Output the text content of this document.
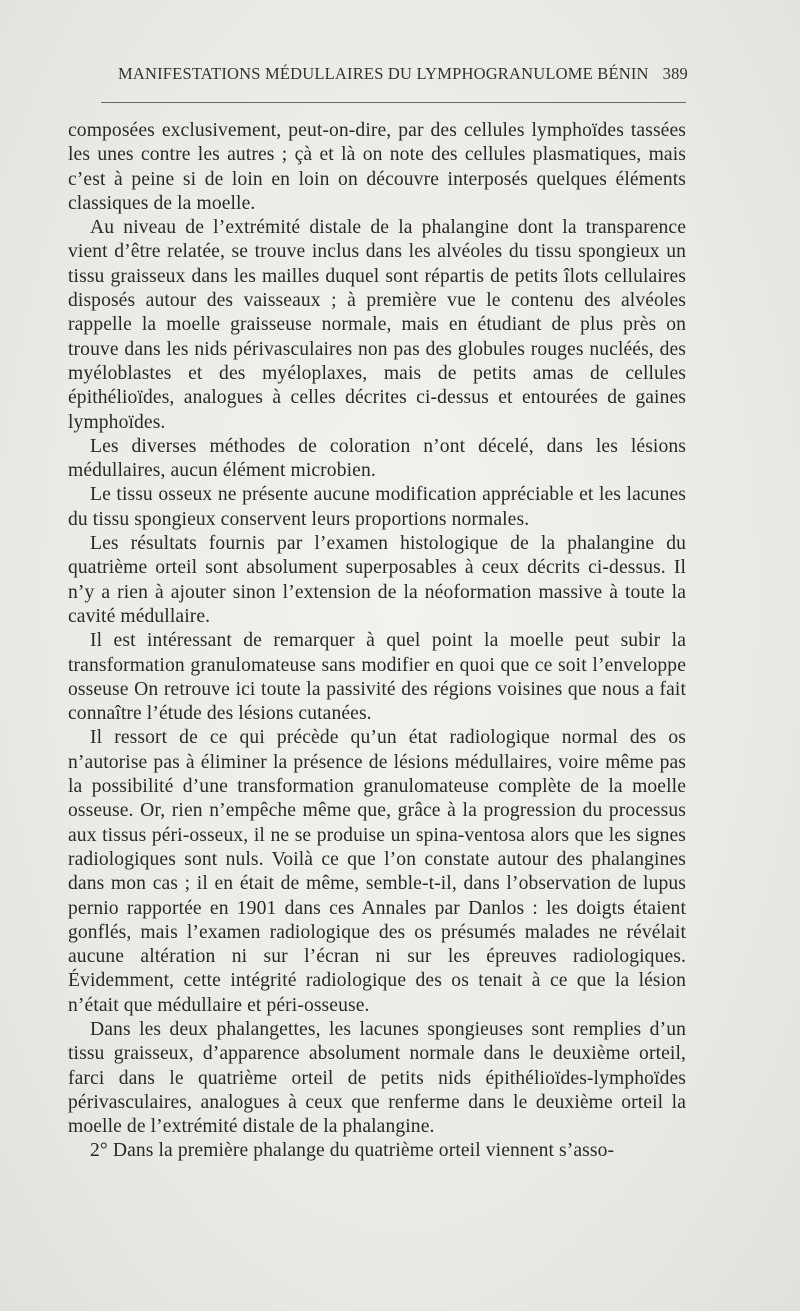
MANIFESTATIONS MÉDULLAIRES DU LYMPHOGRANULOME BÉNIN 389

composées exclusivement, peut-on-dire, par des cellules lymphoïdes tassées les unes contre les autres ; çà et là on note des cellules plasmatiques, mais c’est à peine si de loin en loin on découvre interposés quelques éléments classiques de la moelle.

Au niveau de l’extrémité distale de la phalangine dont la transparence vient d’être relatée, se trouve inclus dans les alvéoles du tissu spongieux un tissu graisseux dans les mailles duquel sont répartis de petits îlots cellulaires disposés autour des vaisseaux ; à première vue le contenu des alvéoles rappelle la moelle graisseuse normale, mais en étudiant de plus près on trouve dans les nids périvasculaires non pas des globules rouges nucléés, des myéloblastes et des myéloplaxes, mais de petits amas de cellules épithélioïdes, analogues à celles décrites ci-dessus et entourées de gaines lymphoïdes.

Les diverses méthodes de coloration n’ont décelé, dans les lésions médullaires, aucun élément microbien.

Le tissu osseux ne présente aucune modification appréciable et les lacunes du tissu spongieux conservent leurs proportions normales.

Les résultats fournis par l’examen histologique de la phalangine du quatrième orteil sont absolument superposables à ceux décrits ci-dessus. Il n’y a rien à ajouter sinon l’extension de la néoformation massive à toute la cavité médullaire.

Il est intéressant de remarquer à quel point la moelle peut subir la transformation granulomateuse sans modifier en quoi que ce soit l’enveloppe osseuse On retrouve ici toute la passivité des régions voisines que nous a fait connaître l’étude des lésions cutanées.

Il ressort de ce qui précède qu’un état radiologique normal des os n’autorise pas à éliminer la présence de lésions médullaires, voire même pas la possibilité d’une transformation granulomateuse complète de la moelle osseuse. Or, rien n’empêche même que, grâce à la progression du processus aux tissus péri-osseux, il ne se produise un spina-ventosa alors que les signes radiologiques sont nuls. Voilà ce que l’on constate autour des phalangines dans mon cas ; il en était de même, semble-t-il, dans l’observation de lupus pernio rapportée en 1901 dans ces Annales par Danlos : les doigts étaient gonflés, mais l’examen radiologique des os présumés malades ne révélait aucune altération ni sur l’écran ni sur les épreuves radiologiques. Évidemment, cette intégrité radiologique des os tenait à ce que la lésion n’était que médullaire et péri-osseuse.

Dans les deux phalangettes, les lacunes spongieuses sont remplies d’un tissu graisseux, d’apparence absolument normale dans le deuxième orteil, farci dans le quatrième orteil de petits nids épithélioïdes-lymphoïdes périvasculaires, analogues à ceux que renferme dans le deuxième orteil la moelle de l’extrémité distale de la phalangine.

2° Dans la première phalange du quatrième orteil viennent s’asso-
